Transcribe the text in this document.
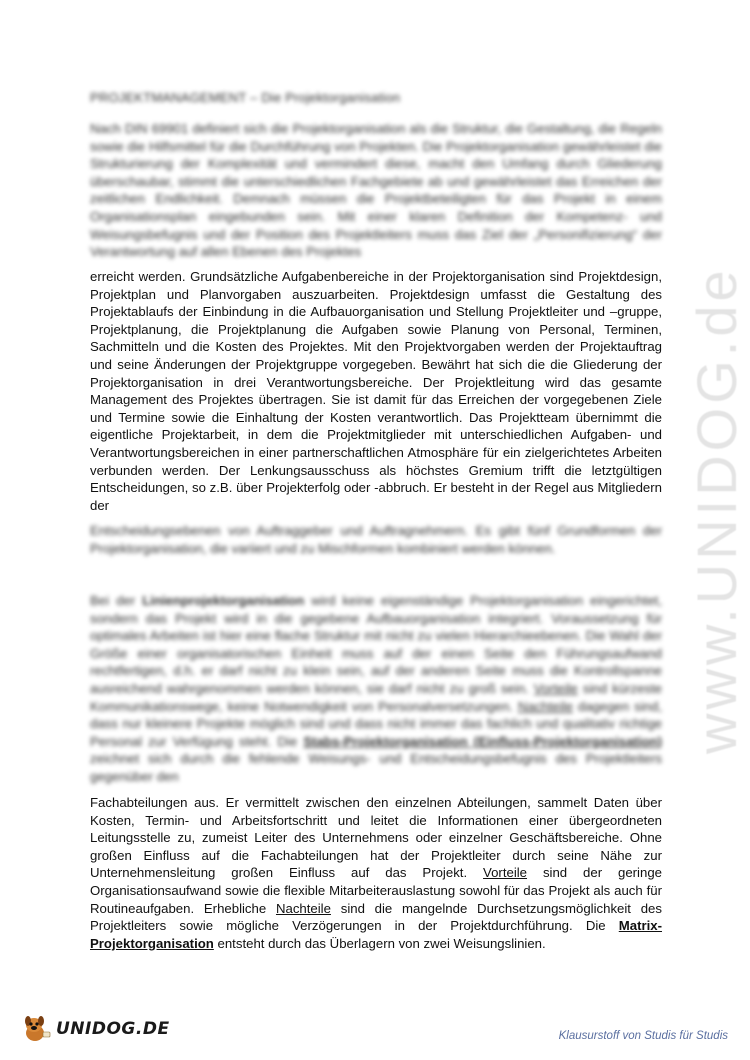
www.UNIDOG.de
PROJEKTMANAGEMENT – Die Projektorganisation
Nach DIN 69901 definiert sich die Projektorganisation als die Struktur, die Gestaltung, die Regeln sowie die Hilfsmittel für die Durchführung von Projekten. Die Projektorganisation gewährleistet die Strukturierung der Komplexität und vermindert diese, macht den Umfang durch Gliederung überschaubar, stimmt die unterschiedlichen Fachgebiete ab und gewährleistet das Erreichen der zeitlichen Endlichkeit. Demnach müssen die Projektbeteiligten für das Projekt in einem Organisationsplan eingebunden sein. Mit einer klaren Definition der Kompetenz- und Weisungsbefugnis und der Position des Projektleiters muss das Ziel der „Personifizierung“ der Verantwortung auf allen Ebenen des Projektes
erreicht werden. Grundsätzliche Aufgabenbereiche in der Projektorganisation sind Projektdesign, Projektplan und Planvorgaben auszuarbeiten. Projektdesign umfasst die Gestaltung des Projektablaufs der Einbindung in die Aufbauorganisation und Stellung Projektleiter und –gruppe, Projektplanung, die Projektplanung die Aufgaben sowie Planung von Personal, Terminen, Sachmitteln und die Kosten des Projektes. Mit den Projektvorgaben werden der Projektauftrag und seine Änderungen der Projektgruppe vorgegeben. Bewährt hat sich die die Gliederung der Projektorganisation in drei Verantwortungsbereiche. Der Projektleitung wird das gesamte Management des Projektes übertragen. Sie ist damit für das Erreichen der vorgegebenen Ziele und Termine sowie die Einhaltung der Kosten verantwortlich. Das Projektteam übernimmt die eigentliche Projektarbeit, in dem die Projektmitglieder mit unterschiedlichen Aufgaben- und Verantwortungsbereichen in einer partnerschaftlichen Atmosphäre für ein zielgerichtetes Arbeiten verbunden werden. Der Lenkungsausschuss als höchstes Gremium trifft die letztgültigen Entscheidungen, so z.B. über Projekterfolg oder -abbruch. Er besteht in der Regel aus Mitgliedern der
Entscheidungsebenen von Auftraggeber und Auftragnehmern. Es gibt fünf Grundformen der Projektorganisation, die variiert und zu Mischformen kombiniert werden können.
Bei der Linienprojektorganisation wird keine eigenständige Projektorganisation eingerichtet, sondern das Projekt wird in die gegebene Aufbauorganisation integriert. Voraussetzung für optimales Arbeiten ist hier eine flache Struktur mit nicht zu vielen Hierarchieebenen. Die Wahl der Größe einer organisatorischen Einheit muss auf der einen Seite den Führungsaufwand rechtfertigen, d.h. er darf nicht zu klein sein, auf der anderen Seite muss die Kontrollspanne ausreichend wahrgenommen werden können, sie darf nicht zu groß sein. Vorteile sind kürzeste Kommunikationswege, keine Notwendigkeit von Personalversetzungen. Nachteile dagegen sind, dass nur kleinere Projekte möglich sind und dass nicht immer das fachlich und qualitativ richtige Personal zur Verfügung steht. Die Stabs-Projektorganisation (Einfluss-Projektorganisation) zeichnet sich durch die fehlende Weisungs- und Entscheidungsbefugnis des Projektleiters gegenüber den
Fachabteilungen aus. Er vermittelt zwischen den einzelnen Abteilungen, sammelt Daten über Kosten, Termin- und Arbeitsfortschritt und leitet die Informationen einer übergeordneten Leitungsstelle zu, zumeist Leiter des Unternehmens oder einzelner Geschäftsbereiche. Ohne großen Einfluss auf die Fachabteilungen hat der Projektleiter durch seine Nähe zur Unternehmensleitung großen Einfluss auf das Projekt. Vorteile sind der geringe Organisationsaufwand sowie die flexible Mitarbeiterauslastung sowohl für das Projekt als auch für Routineaufgaben. Erhebliche Nachteile sind die mangelnde Durchsetzungsmöglichkeit des Projektleiters sowie mögliche Verzögerungen in der Projektdurchführung. Die Matrix-Projektorganisation entsteht durch das Überlagern von zwei Weisungslinien.
UNIDOG.DE	Klausurstoff von Studis für Studis
